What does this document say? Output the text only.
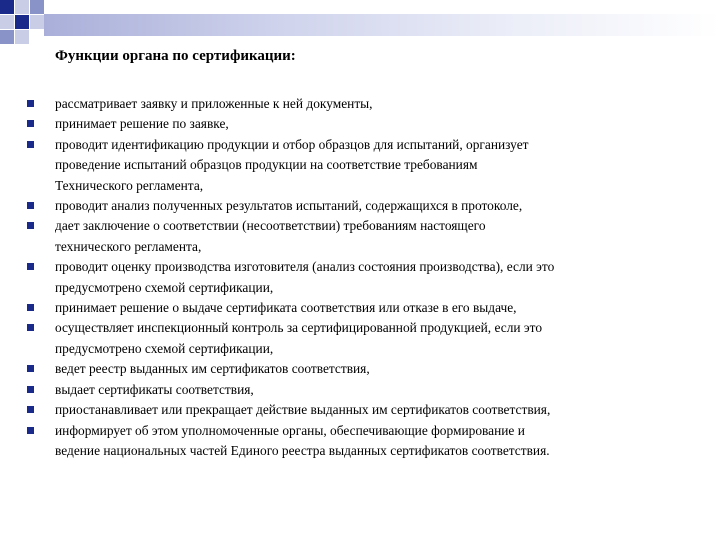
Функции органа по сертификации:
рассматривает заявку и приложенные к ней документы,
принимает решение по заявке,
проводит идентификацию продукции и отбор образцов для испытаний, организует
проведение испытаний образцов продукции на соответствие требованиям
Технического регламента,
проводит анализ полученных результатов испытаний, содержащихся в протоколе,
дает заключение о соответствии (несоответствии) требованиям настоящего
технического регламента,
проводит оценку производства изготовителя (анализ состояния производства), если это
предусмотрено схемой сертификации,
принимает решение о выдаче сертификата соответствия или отказе в его выдаче,
осуществляет инспекционный контроль за сертифицированной продукцией, если это
предусмотрено схемой сертификации,
ведет реестр выданных им сертификатов соответствия,
выдает сертификаты соответствия,
приостанавливает или прекращает действие выданных им сертификатов соответствия,
информирует об этом уполномоченные органы, обеспечивающие формирование и
ведение национальных частей Единого реестра выданных сертификатов соответствия.
